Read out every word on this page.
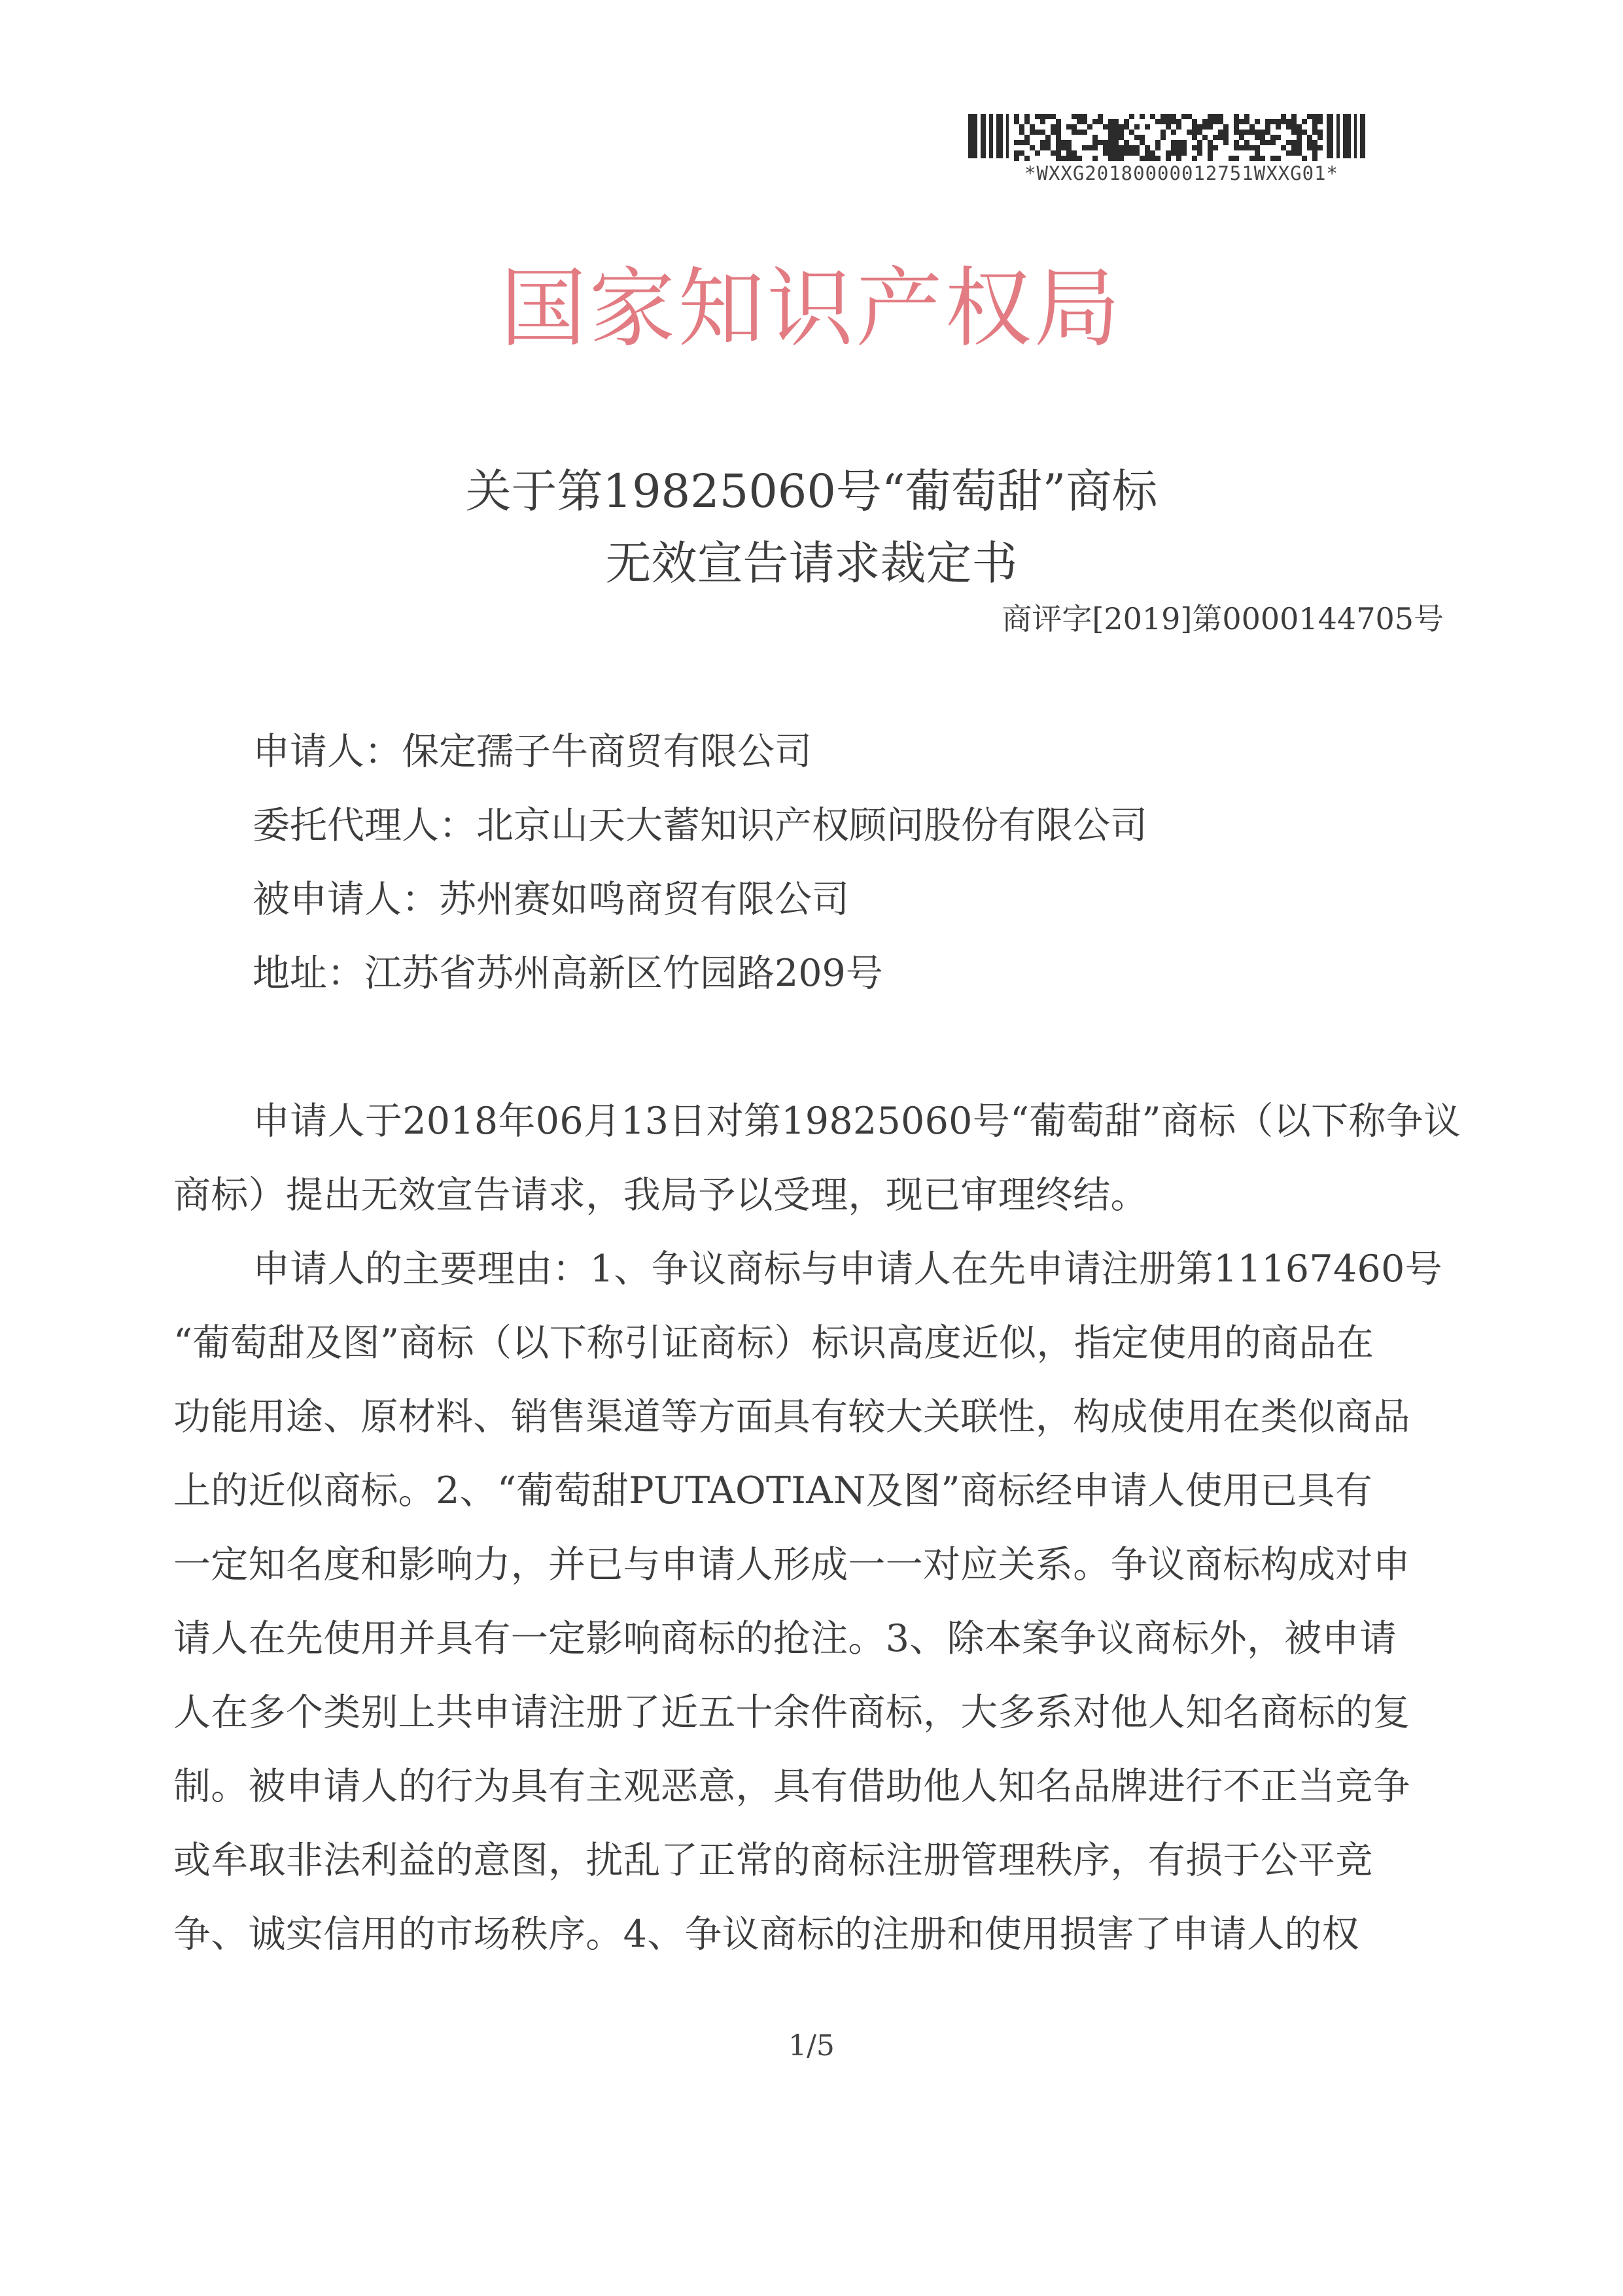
*WXXG20180000012751WXXG01*
国家知识产权局
关于第19825060号“葡萄甜”商标
无效宣告请求裁定书
商评字[2019]第0000144705号
申请人：保定孺子牛商贸有限公司
委托代理人：北京山天大蓄知识产权顾问股份有限公司
被申请人：苏州赛如鸣商贸有限公司
地址：江苏省苏州高新区竹园路209号
申请人于2018年06月13日对第19825060号“葡萄甜”商标（以下称争议
商标）提出无效宣告请求，我局予以受理，现已审理终结。
申请人的主要理由：1、争议商标与申请人在先申请注册第11167460号
“葡萄甜及图”商标（以下称引证商标）标识高度近似，指定使用的商品在
功能用途、原材料、销售渠道等方面具有较大关联性，构成使用在类似商品
上的近似商标。2、“葡萄甜PUTAOTIAN及图”商标经申请人使用已具有
一定知名度和影响力，并已与申请人形成一一对应关系。争议商标构成对申
请人在先使用并具有一定影响商标的抢注。3、除本案争议商标外，被申请
人在多个类别上共申请注册了近五十余件商标，大多系对他人知名商标的复
制。被申请人的行为具有主观恶意，具有借助他人知名品牌进行不正当竞争
或牟取非法利益的意图，扰乱了正常的商标注册管理秩序，有损于公平竞
争、诚实信用的市场秩序。4、争议商标的注册和使用损害了申请人的权
1/5
